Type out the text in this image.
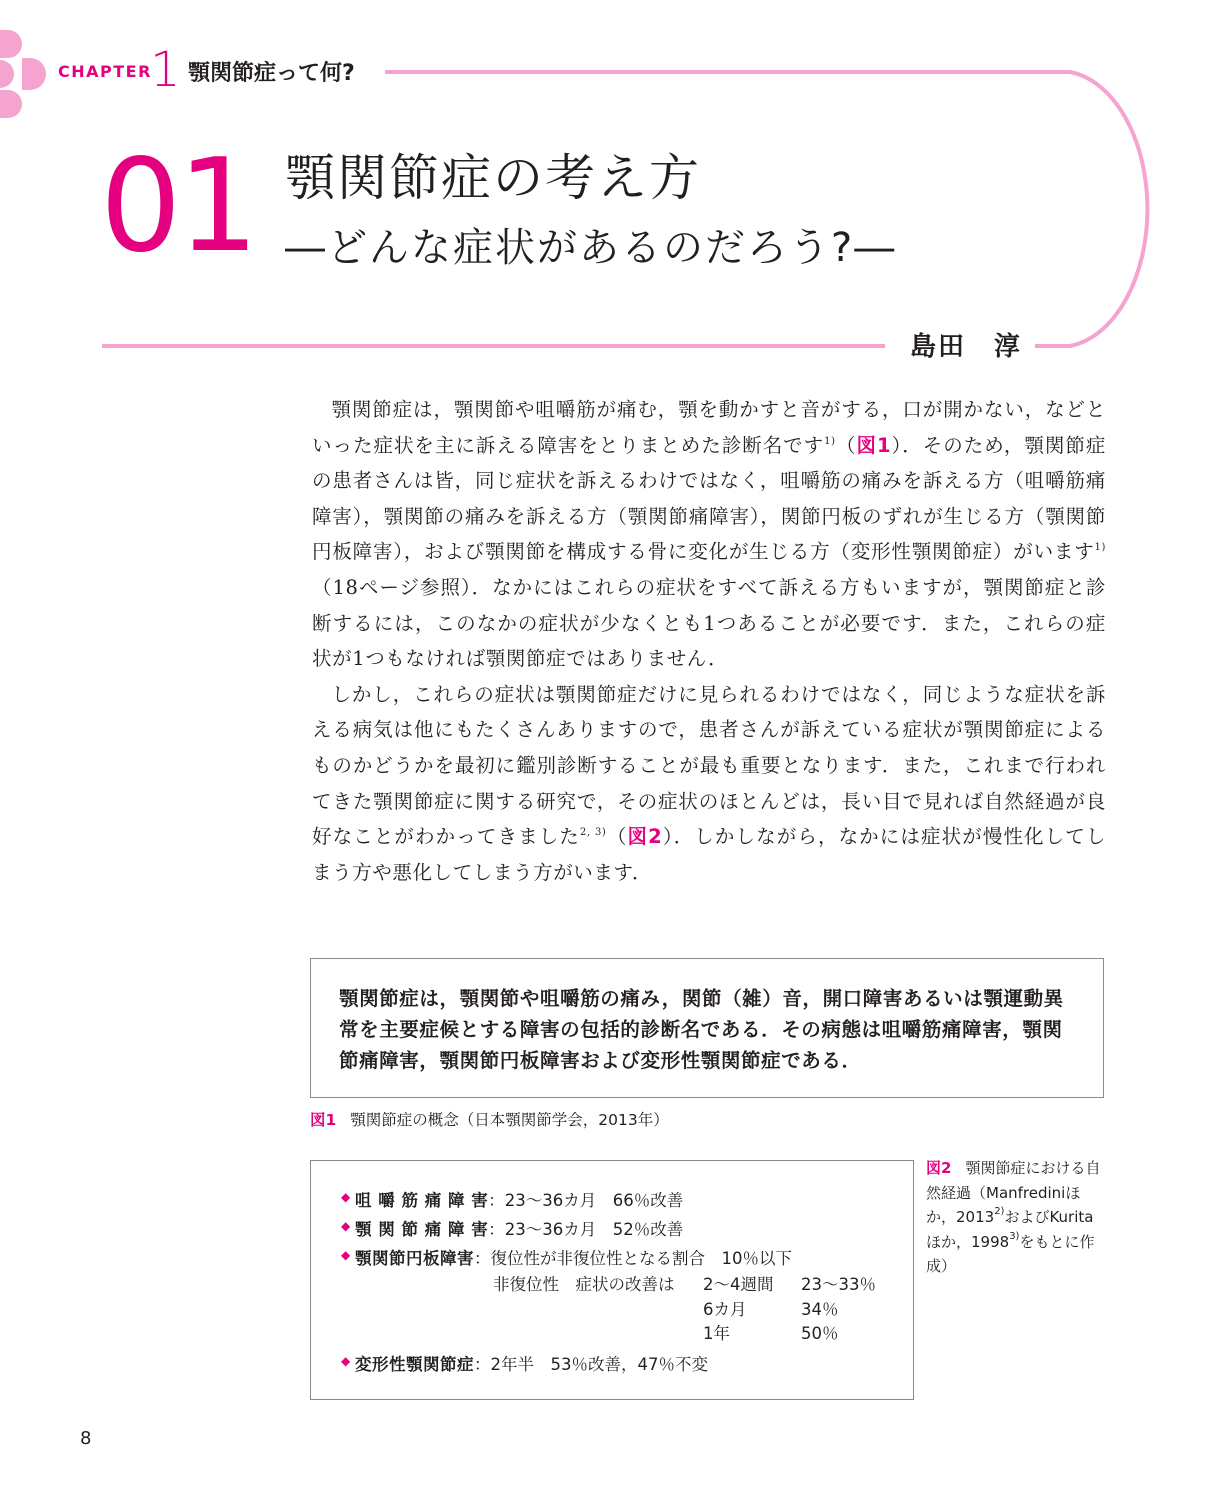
CHAPTER
1 顎関節症って何?
01 顎関節症の考え方
―どんな症状があるのだろう?―
島田　淳

顎関節症は，顎関節や咀嚼筋が痛む，顎を動かすと音がする，口が開かない，などといった症状を主に訴える障害をとりまとめた診断名です$^{1)}$（図1）．そのため，顎関節症の患者さんは皆，同じ症状を訴えるわけではなく，咀嚼筋の痛みを訴える方（咀嚼筋痛障害），顎関節の痛みを訴える方（顎関節痛障害），関節円板のずれが生じる方（顎関節円板障害），および顎関節を構成する骨に変化が生じる方（変形性顎関節症）がいます$^{1)}$（18ページ参照）．なかにはこれらの症状をすべて訴える方もいますが，顎関節症と診断するには，このなかの症状が少なくとも1つあることが必要です．また，これらの症状が1つもなければ顎関節症ではありません．

しかし，これらの症状は顎関節症だけに見られるわけではなく，同じような症状を訴える病気は他にもたくさんありますので，患者さんが訴えている症状が顎関節症によるものかどうかを最初に鑑別診断することが最も重要となります．また，これまで行われてきた顎関節症に関する研究で，その症状のほとんどは，長い目で見れば自然経過が良好なことがわかってきました$^{2, 3)}$（図2）．しかしながら，なかには症状が慢性化してしまう方や悪化してしまう方がいます．

顎関節症は，顎関節や咀嚼筋の痛み，関節（雑）音，開口障害あるいは顎運動異常を主要症候とする障害の包括的診断名である．その病態は咀嚼筋痛障害，顎関節痛障害，顎関節円板障害および変形性顎関節症である．
図1 顎関節症の概念（日本顎関節学会，2013年）
◆ 咀 嚼 筋 痛 障 害：23～36カ月　66％改善
◆ 顎 関 節 痛 障 害：23～36カ月　52％改善
◆ 顎関節円板障害：復位性が非復位性となる割合　10％以下
非復位性　症状の改善は 2～4週間 23～33％
6カ月	34％
1年	50％
◆ 変形性顎関節症：2年半　53％改善，47％不変
図2 顎関節症における自然経過（Manfrediniほか，2013$^{2)}$およびKuritaほか，1998$^{3)}$をもとに作成）
8
